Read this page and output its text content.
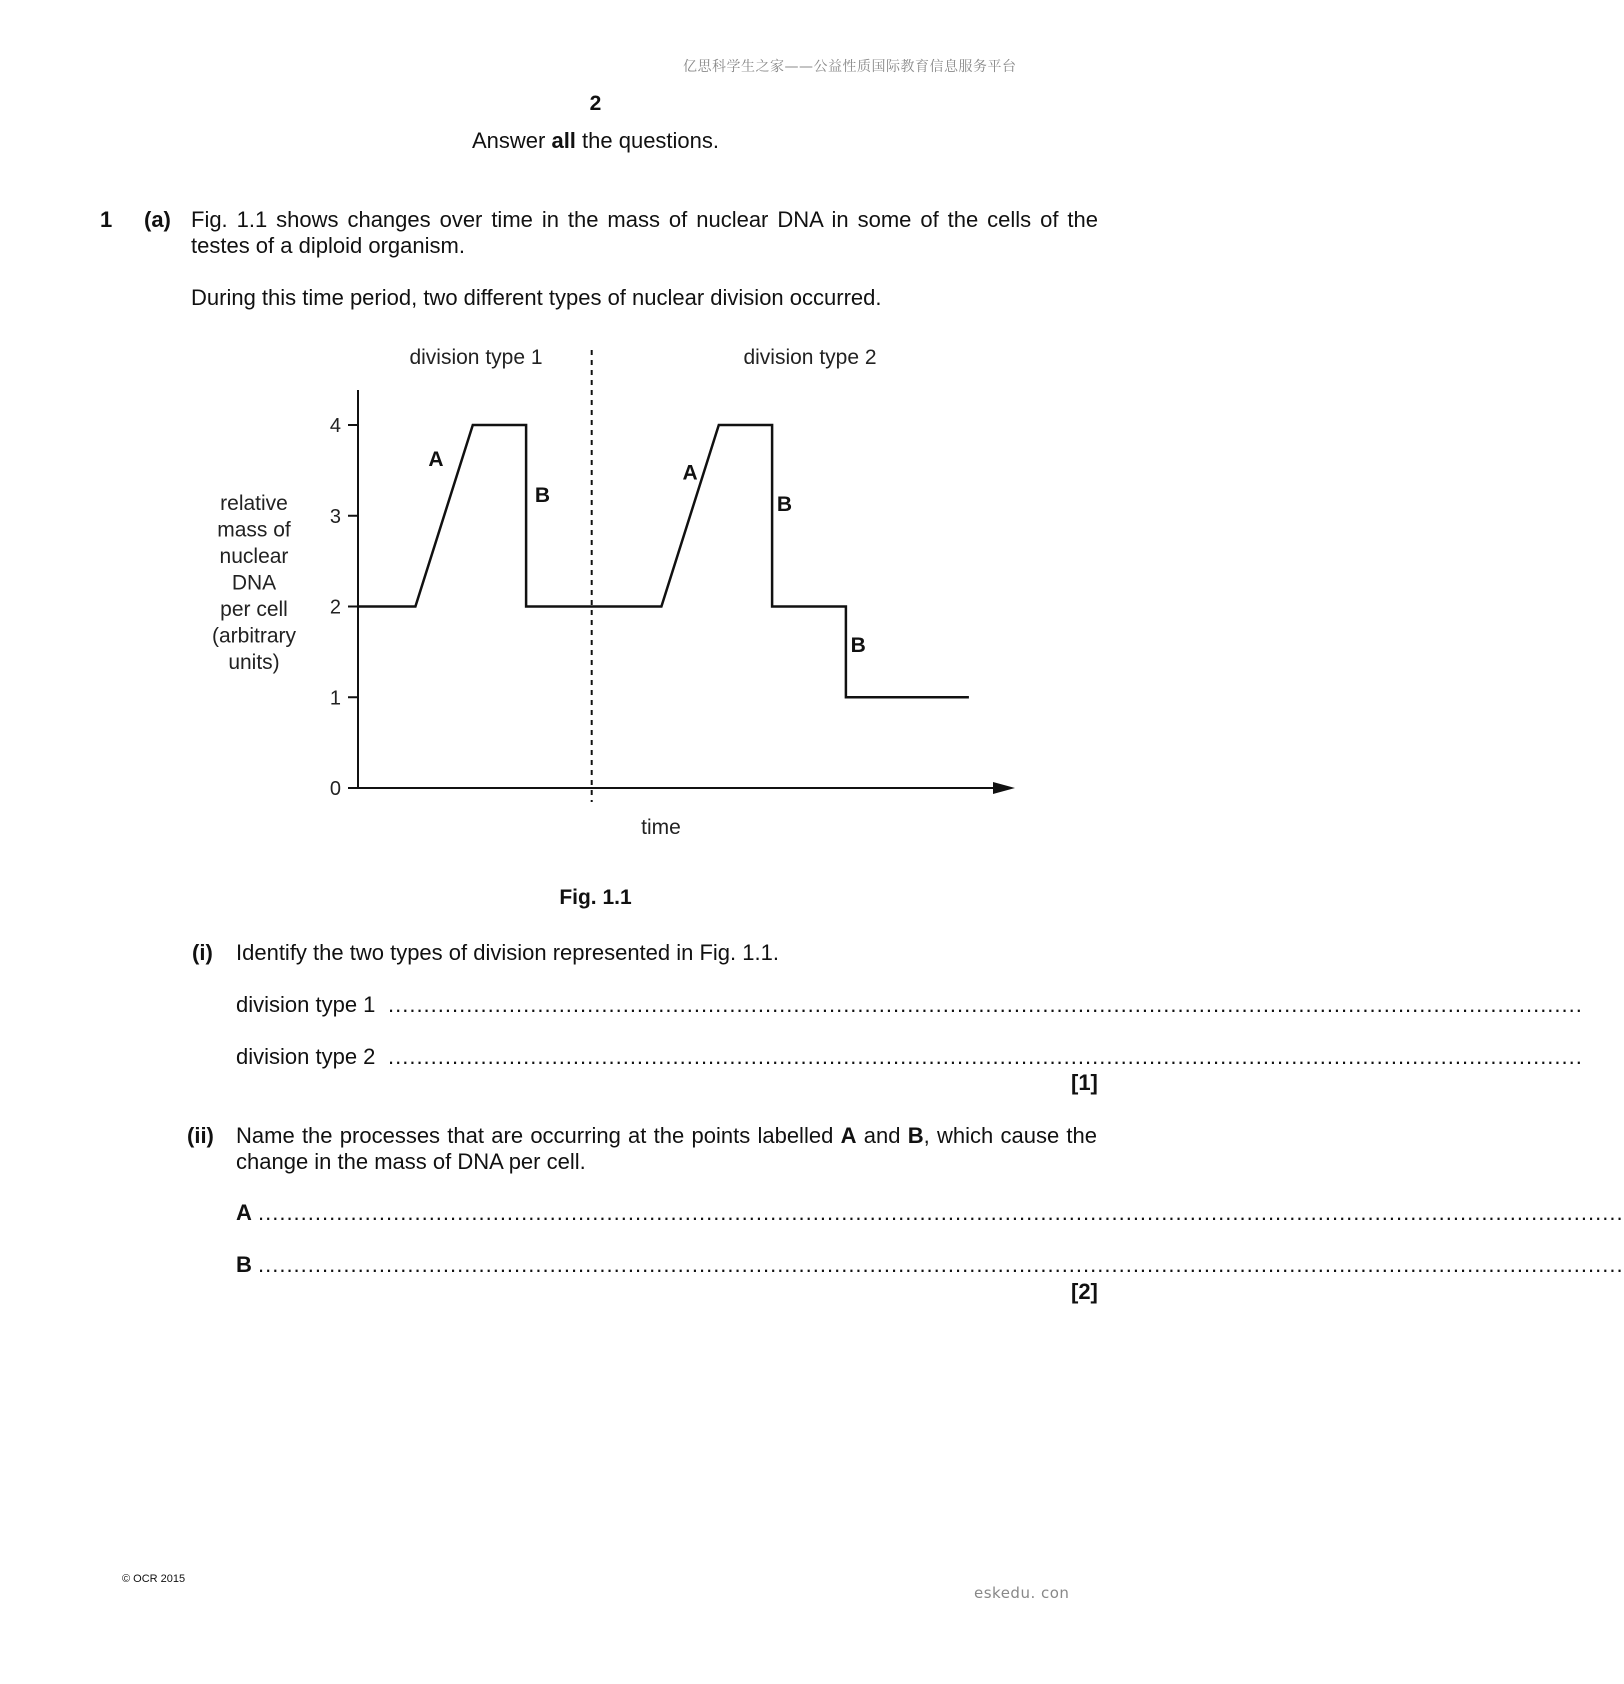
亿思科学生之家——公益性质国际教育信息服务平台
2
Answer all the questions.
1 (a) Fig. 1.1 shows changes over time in the mass of nuclear DNA in some of the cells of the
testes of a diploid organism.
During this time period, two different types of nuclear division occurred.
division type 1	division type 2
time
0
1
2
3
4
relative
mass of
nuclear
DNA
per cell
(arbitrary
units)
A
B
A
B
B
Fig. 1.1
(i) Identify the two types of division represented in Fig. 1.1.
division type 1 ........................................................................................................................................................................
division type 2 ........................................................................................................................................................................
[1]
(ii) Name the processes that are occurring at the points labelled A and B, which cause the
change in the mass of DNA per cell.
A ................................................................................................................................................................................................
B ................................................................................................................................................................................................
[2]
© OCR 2015
eskedu. con
